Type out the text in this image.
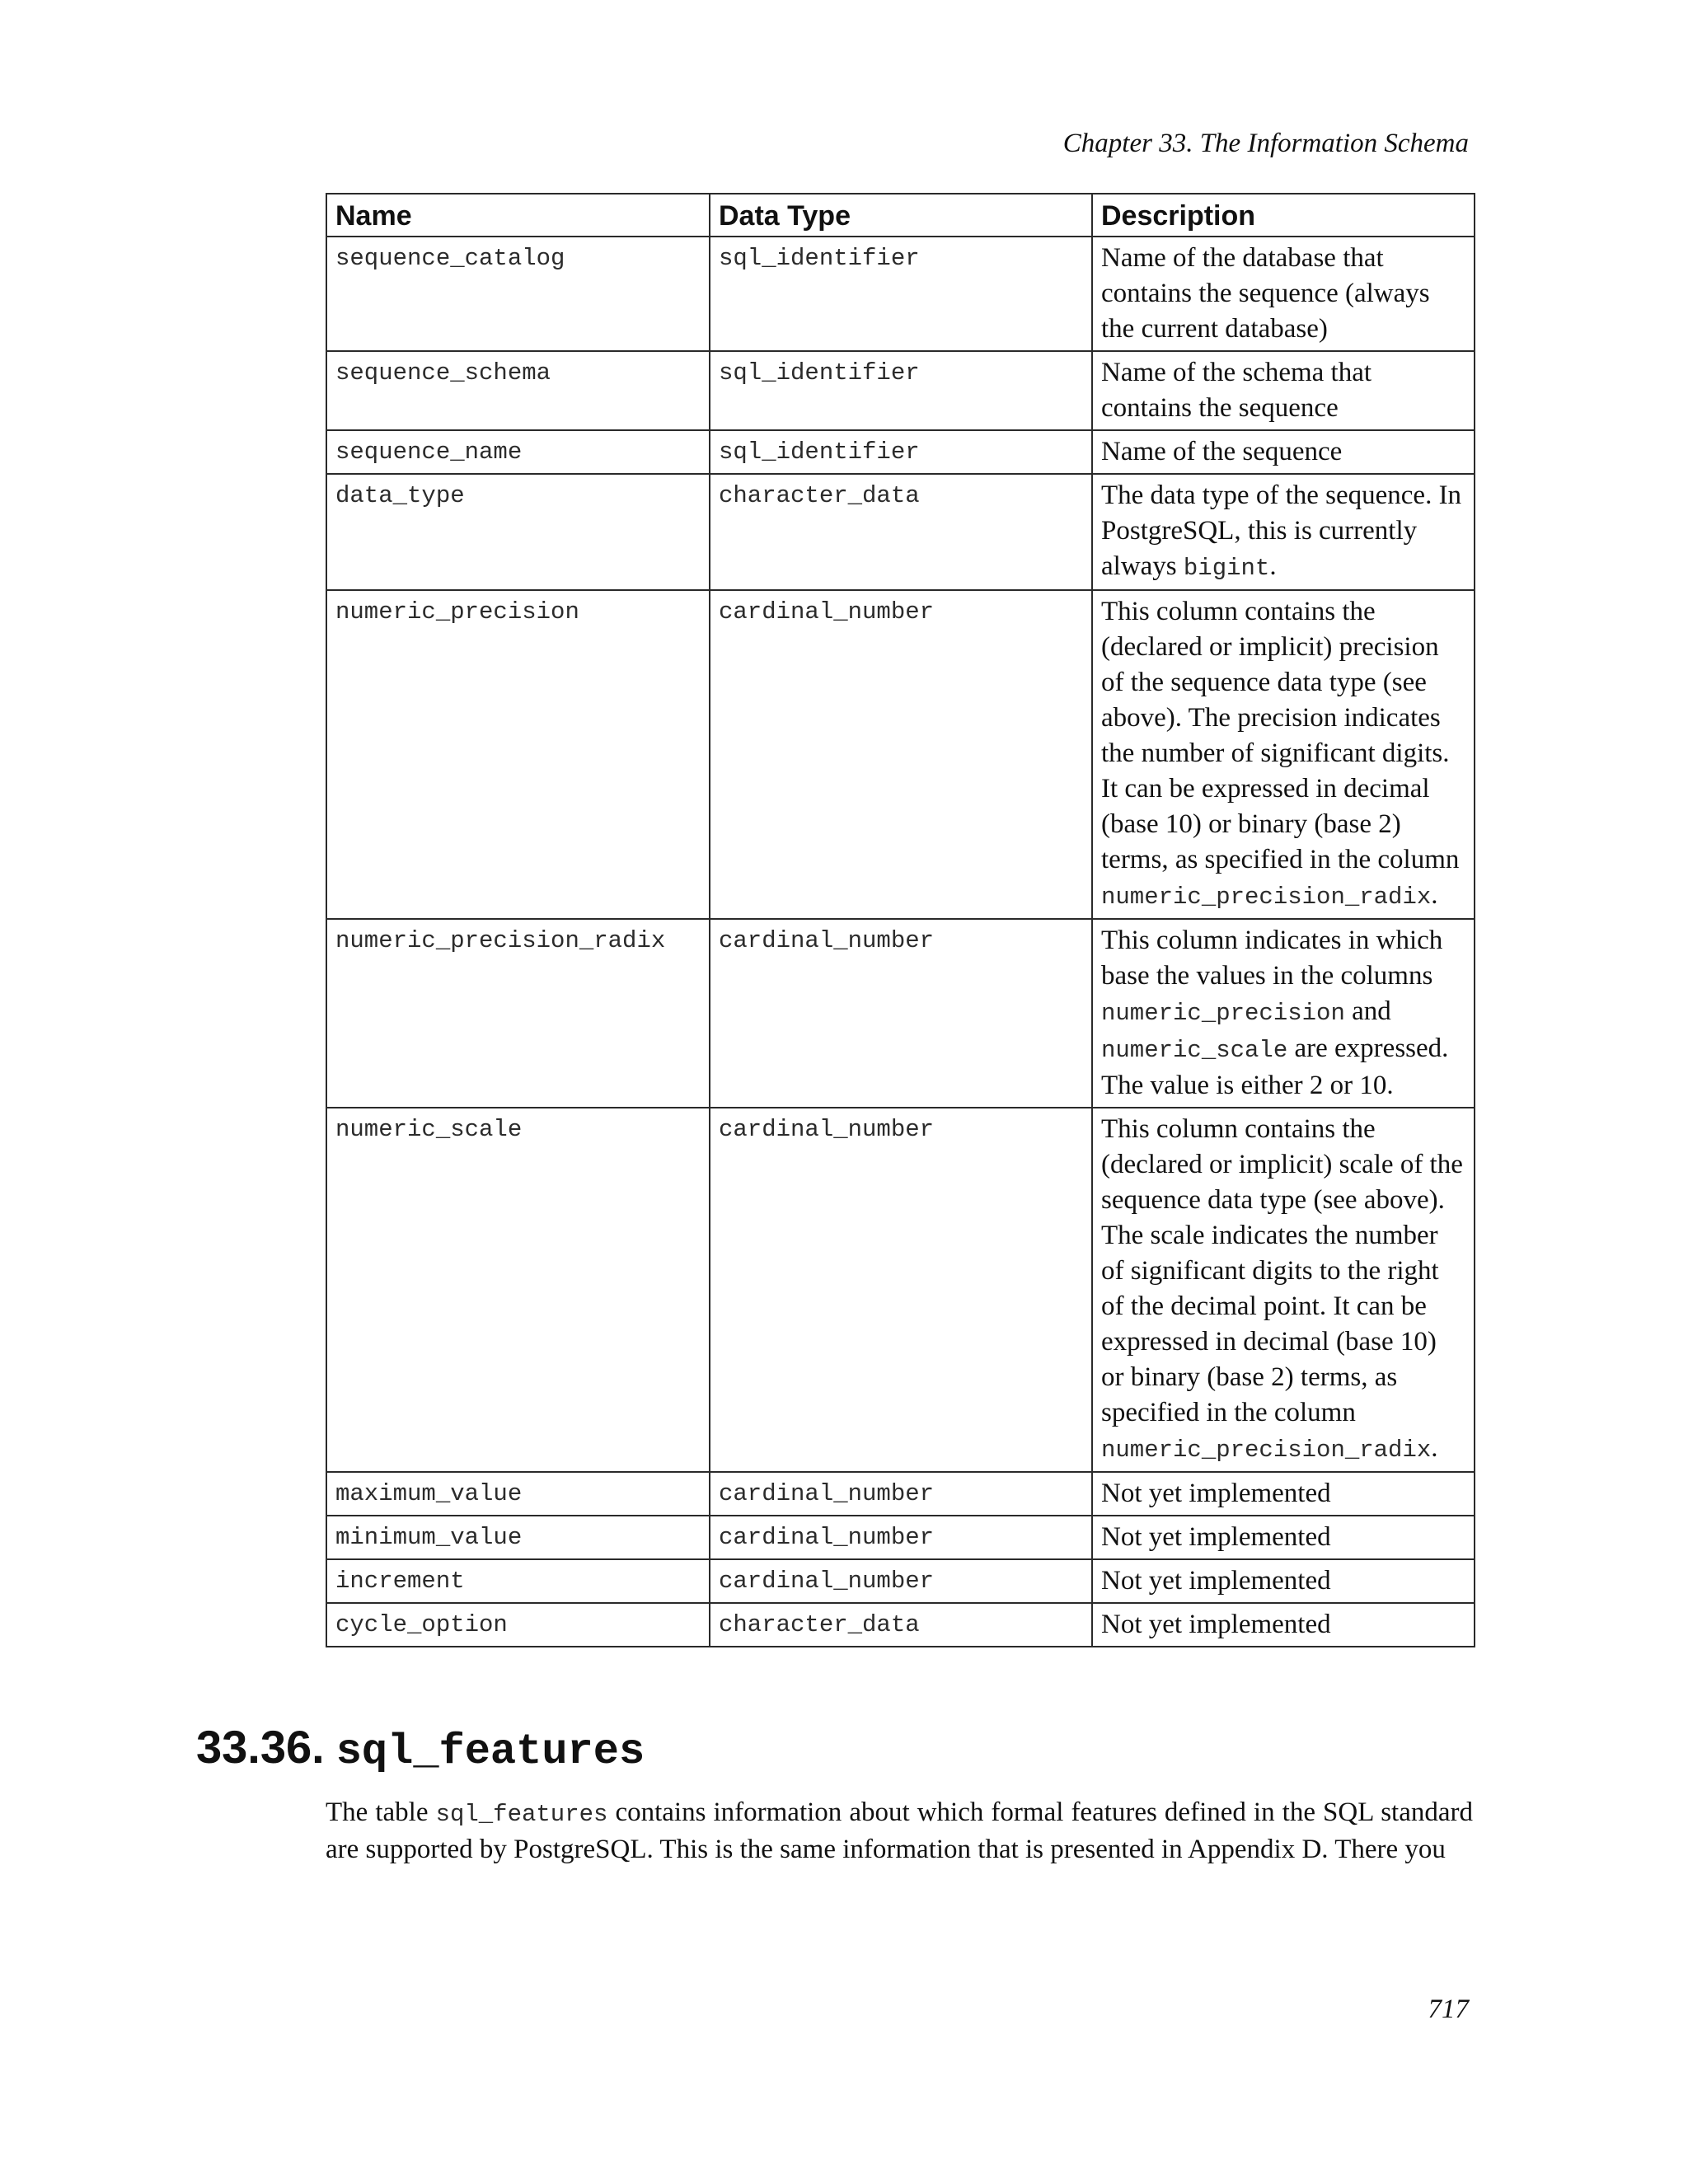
Chapter 33. The Information Schema
Name	Data Type	Description
sequence_catalog	sql_identifier	Name of the database that contains the sequence (always the current database)
sequence_schema	sql_identifier	Name of the schema that contains the sequence
sequence_name	sql_identifier	Name of the sequence
data_type	character_data	The data type of the sequence. In PostgreSQL, this is currently always bigint.
numeric_precision	cardinal_number	This column contains the (declared or implicit) precision of the sequence data type (see above). The precision indicates the number of significant digits. It can be expressed in decimal (base 10) or binary (base 2) terms, as specified in the column numeric_precision_radix.
numeric_precision_radix	cardinal_number	This column indicates in which base the values in the columns numeric_precision and numeric_scale are expressed. The value is either 2 or 10.
numeric_scale	cardinal_number	This column contains the (declared or implicit) scale of the sequence data type (see above). The scale indicates the number of significant digits to the right of the decimal point. It can be expressed in decimal (base 10) or binary (base 2) terms, as specified in the column numeric_precision_radix.
maximum_value	cardinal_number	Not yet implemented
minimum_value	cardinal_number	Not yet implemented
increment	cardinal_number	Not yet implemented
cycle_option	character_data	Not yet implemented
33.36. sql_features

The table sql_features contains information about which formal features defined in the SQL standard are supported by PostgreSQL. This is the same information that is presented in Appendix D. There you

717
